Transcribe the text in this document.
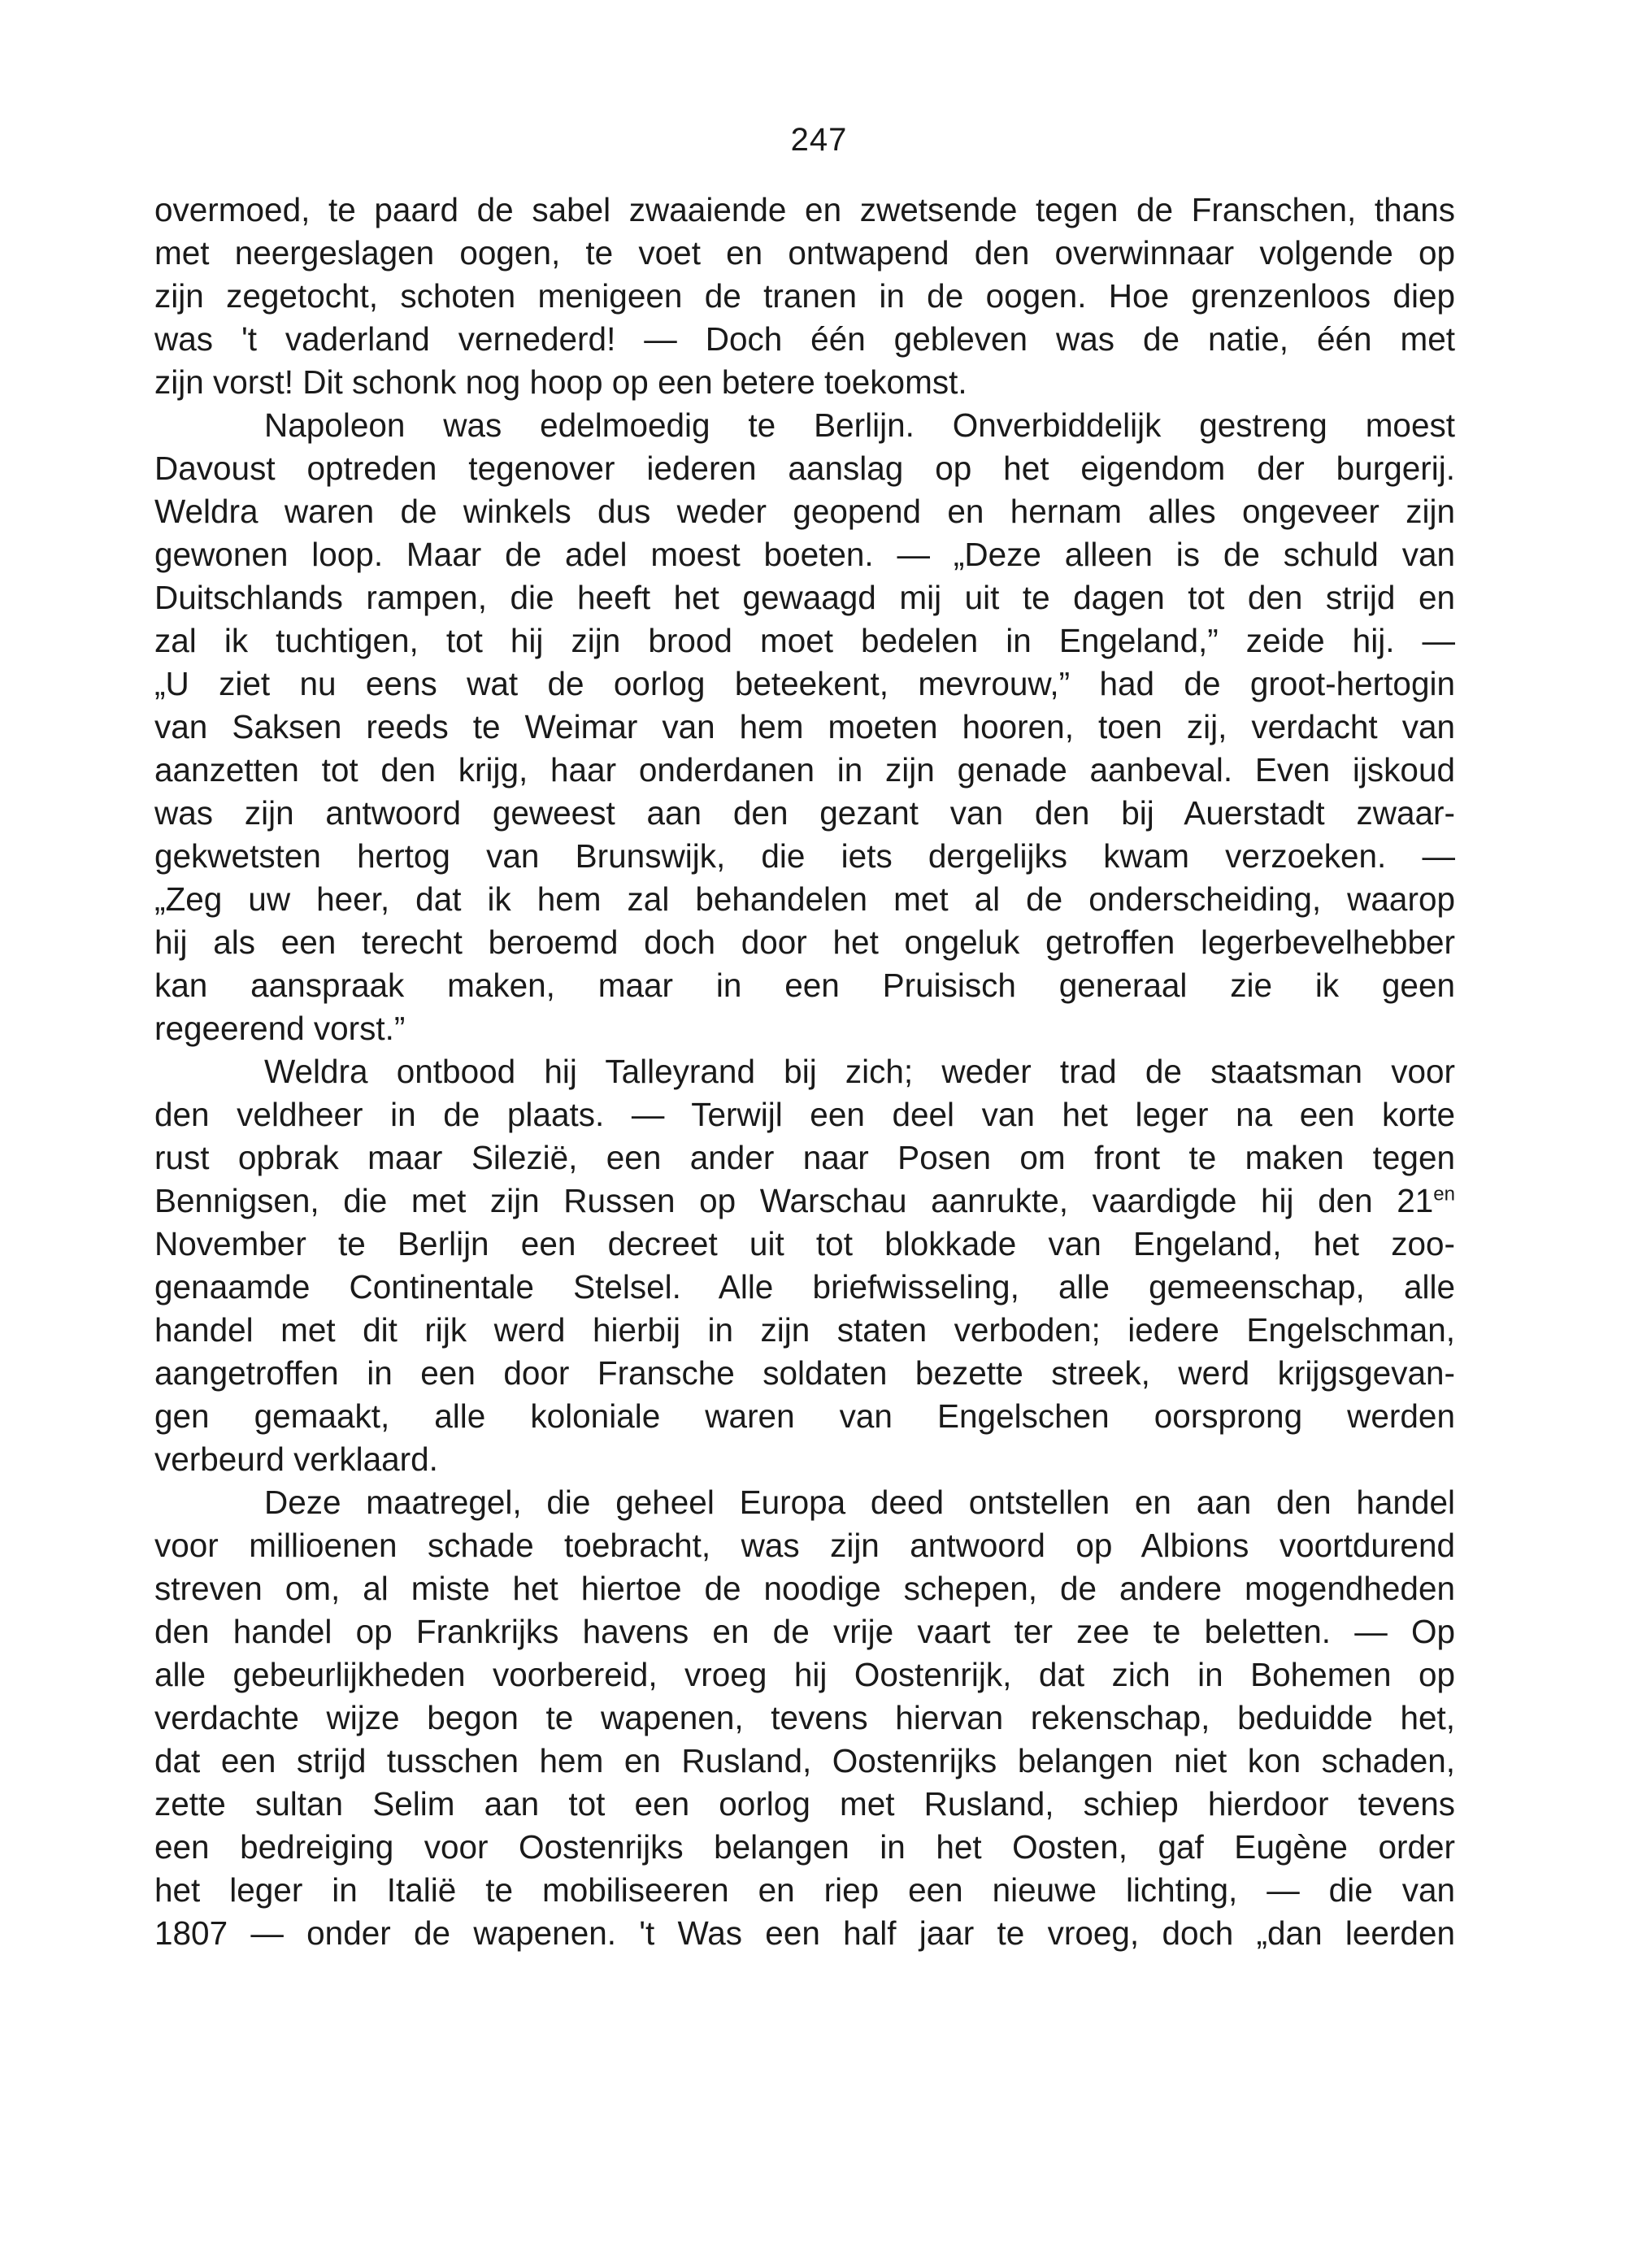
247
overmoed, te paard de sabel zwaaiende en zwetsende tegen de Franschen, thans
met neergeslagen oogen, te voet en ontwapend den overwinnaar volgende op
zijn zegetocht, schoten menigeen de tranen in de oogen. Hoe grenzenloos diep
was 't vaderland vernederd! — Doch één gebleven was de natie, één met
zijn vorst! Dit schonk nog hoop op een betere toekomst.
Napoleon was edelmoedig te Berlijn. Onverbiddelijk gestreng moest
Davoust optreden tegenover iederen aanslag op het eigendom der burgerij.
Weldra waren de winkels dus weder geopend en hernam alles ongeveer zijn
gewonen loop. Maar de adel moest boeten. — „Deze alleen is de schuld van
Duitschlands rampen, die heeft het gewaagd mij uit te dagen tot den strijd en
zal ik tuchtigen, tot hij zijn brood moet bedelen in Engeland,” zeide hij. —
„U ziet nu eens wat de oorlog beteekent, mevrouw,” had de groot-hertogin
van Saksen reeds te Weimar van hem moeten hooren, toen zij, verdacht van
aanzetten tot den krijg, haar onderdanen in zijn genade aanbeval. Even ijskoud
was zijn antwoord geweest aan den gezant van den bij Auerstadt zwaar-
gekwetsten hertog van Brunswijk, die iets dergelijks kwam verzoeken. —
„Zeg uw heer, dat ik hem zal behandelen met al de onderscheiding, waarop
hij als een terecht beroemd doch door het ongeluk getroffen legerbevelhebber
kan aanspraak maken, maar in een Pruisisch generaal zie ik geen
regeerend vorst.”
Weldra ontbood hij Talleyrand bij zich; weder trad de staatsman voor
den veldheer in de plaats. — Terwijl een deel van het leger na een korte
rust opbrak maar Silezië, een ander naar Posen om front te maken tegen
Bennigsen, die met zijn Russen op Warschau aanrukte, vaardigde hij den $21^{en}$
November te Berlijn een decreet uit tot blokkade van Engeland, het zoo-
genaamde Continentale Stelsel. Alle briefwisseling, alle gemeenschap, alle
handel met dit rijk werd hierbij in zijn staten verboden; iedere Engelschman,
aangetroffen in een door Fransche soldaten bezette streek, werd krijgsgevan-
gen gemaakt, alle koloniale waren van Engelschen oorsprong werden
verbeurd verklaard.
Deze maatregel, die geheel Europa deed ontstellen en aan den handel
voor millioenen schade toebracht, was zijn antwoord op Albions voortdurend
streven om, al miste het hiertoe de noodige schepen, de andere mogendheden
den handel op Frankrijks havens en de vrije vaart ter zee te beletten. — Op
alle gebeurlijkheden voorbereid, vroeg hij Oostenrijk, dat zich in Bohemen op
verdachte wijze begon te wapenen, tevens hiervan rekenschap, beduidde het,
dat een strijd tusschen hem en Rusland, Oostenrijks belangen niet kon schaden,
zette sultan Selim aan tot een oorlog met Rusland, schiep hierdoor tevens
een bedreiging voor Oostenrijks belangen in het Oosten, gaf Eugène order
het leger in Italië te mobiliseeren en riep een nieuwe lichting, — die van
1807 — onder de wapenen. 't Was een half jaar te vroeg, doch „dan leerden
